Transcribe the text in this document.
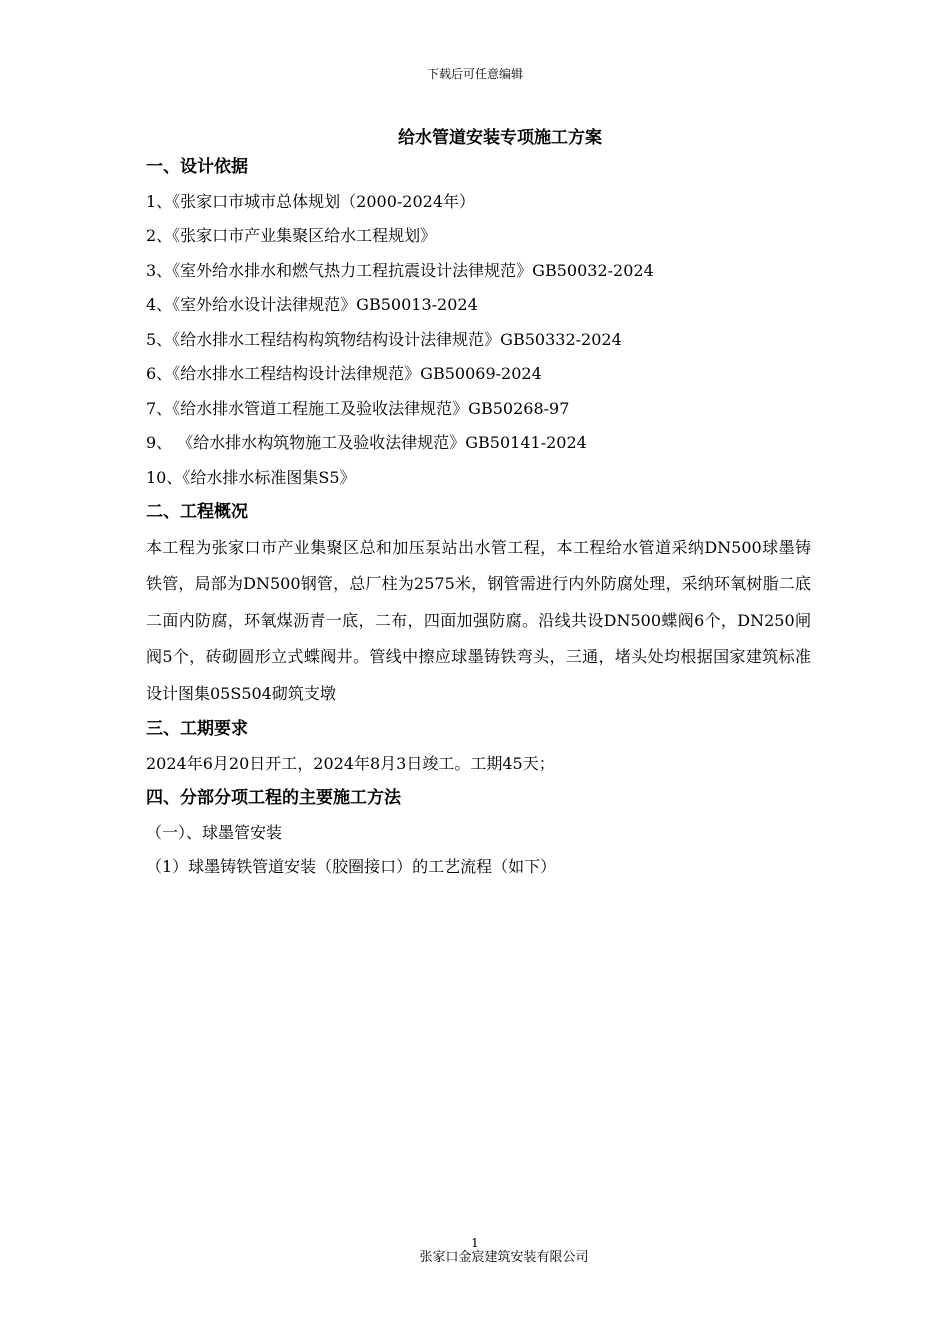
下载后可任意编辑
给水管道安装专项施工方案
一、设计依据
1、《张家口市城市总体规划（2000-2024年）
2、《张家口市产业集聚区给水工程规划》
3、《室外给水排水和燃气热力工程抗震设计法律规范》GB50032-2024
4、《室外给水设计法律规范》GB50013-2024
5、《给水排水工程结构构筑物结构设计法律规范》GB50332-2024
6、《给水排水工程结构设计法律规范》GB50069-2024
7、《给水排水管道工程施工及验收法律规范》GB50268-97
9、 《给水排水构筑物施工及验收法律规范》GB50141-2024
10、《给水排水标准图集S5》
二、工程概况
本工程为张家口市产业集聚区总和加压泵站出水管工程，本工程给水管道采纳DN500球墨铸铁管，局部为DN500钢管，总厂柱为2575米，钢管需进行内外防腐处理，采纳环氧树脂二底二面内防腐，环氧煤沥青一底，二布，四面加强防腐。沿线共设DN500蝶阀6个，DN250闸阀5个，砖砌圆形立式蝶阀井。管线中擦应球墨铸铁弯头，三通，堵头处均根据国家建筑标准设计图集05S504砌筑支墩
三、工期要求
2024年6月20日开工，2024年8月3日竣工。工期45天；
四、分部分项工程的主要施工方法
（一）、球墨管安装
（1）球墨铸铁管道安装（胶圈接口）的工艺流程（如下）
1
张家口金宸建筑安装有限公司
